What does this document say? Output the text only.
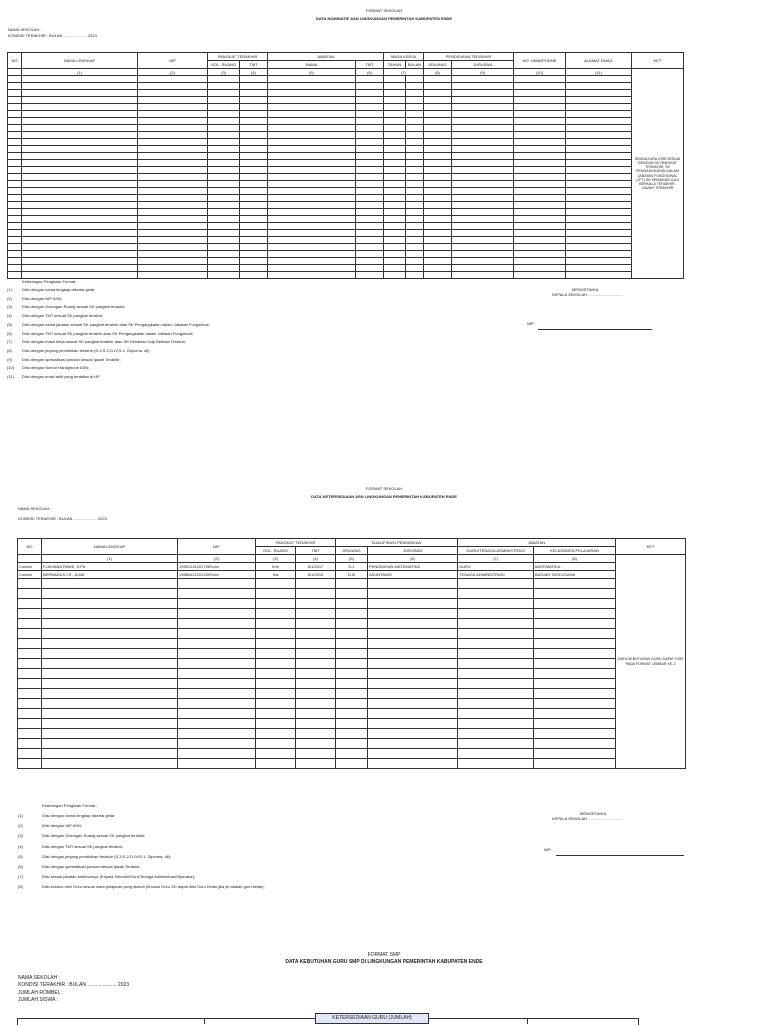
FORMAT SEKOLAH
DATA NOMINATIF ASN LINGKUNGAN PEMERINTAH KABUPATEN ENDE
NAMA SEKOLAH :
KONDISI TERAKHIR : BULAN ..................... 2023
NO	NAMA LENGKAP	NIP	PANGKAT TERAKHIR		JABATAN		MASA KERJA		PENDIDIKAN TERAKHIR		NO. HANDPHONE	ALAMAT EMAIL	KET
			GOL. RUANG	TMT	NAMA	TMT	TAHUN	BULAN	JENJANG	JURUSAN			
	(1)	(2)	(3)	(4)	(5)	(6)	(7)		(8)	(9)	(10)	(11)	SEMUA DATA DIISI SESUAI DENGAN SK PANGKAT TERAKHIR, SK PENGANGKATAN DALAM JABATAN FUNGSIONAL (JFT) SK KENAIKAN GAJI BERKALA TERAKHIR, IJAZAH TERAKHIR

Keterangan Pengisian Format :
(1)	Diisi dengan nama lengkap disertai gelar;
(2)	Diisi dengan NIP ASN;
(3)	Diisi dengan Golongan Ruang sesuai SK pangkat terakhir;
(4)	Diisi dengan TMT sesuai SK pangkat terakhir;
(5)	Diisi dengan nama jabatan sesuai SK pangkat terakhir atau SK Pengangkatan dalam Jabatan Fungsional;
(6)	Diisi dengan TMT sesuai SK pangkat terakhir atau SK Pengangkatan dalam Jabatan Fungsional;
(7)	Diisi dengan masa kerja sesuai SK pangkat terakhir atau SK Kenaikan Gaji Berkala Terakhir;
(8)	Diisi dengan jenjang pendidikan terakhir (S-3,S-2,D-IV,S-1, Diploma, dll);
(9)	Diisi dengan spesialisasi jurusan sesuai Ijazah Terakhir;
(10) Diisi dengan Nomor Handphone ASN;
(11) Diisi dengan email aktif yang terdaftar di HP
MENGETAHUI,
KEPALA SEKOLAH ...............................
NIP.
FORMAT SEKOLAH
DATA KETERSEDIAAN ASN LINGKUNGAN PEMERINTAH KABUPATEN ENDE
NAMA SEKOLAH :
KONDISI TERAKHIR : BULAN ..................... 2023
NO	NAMA LENGKAP	NIP	PANGKAT TERAKHIR		KUALIFIKASI PENDIDIKAN		JABATAN		KET
			GOL. RUANG	TMT	JENJANG	JURUSAN	GURU/TENAGA ADMINISTRASI	KELAS/MATA PELAJARAN	
	(1)	(2)	(3)	(4)	(5)	(6)	(7)	(8)	DATA KEBUTUHAN GURU DAPAT DIISI PADA FORMAT LEMBAR KE-2
Contoh	FLAVIANA PAWE, S.Pd	19901231201706Sxxx	III/b	8/1/2017	S-1	PENDIDIKAN MATEMATIKA	GURU	MATEMATIKA	
Contoh	BERNADUS I.R., A.MD	19880421201309Sxxx	II/a	8/1/2013	D-III	AKUNTANSI	TENAGA ADMINISTRASI	BAGIAN TATA USAHA	

Keterangan Pengisian Format :
(1)	Diisi dengan nama lengkap disertai gelar;
(2)	Diisi dengan NIP ASN;
(3)	Diisi dengan Golongan Ruang sesuai SK pangkat terakhir;
(4)	Diisi dengan TMT sesuai SK pangkat terakhir;
(5)	Diisi dengan jenjang pendidikan terakhir (S-3,S-2,D-IV/S-1, Diploma, dll);
(6)	Diisi dengan spesialisasi jurusan sesuai Ijazah Terakhir;
(7)	Diisi sesuai jabatan sebenarnya (Kepala Sekolah/Guru/Tenaga Administrasi/Operator);
(8)	Diisi khusus oleh Guru sesuai mata pelajaran yang diasuh (khusus Guru SD dapat diisi Guru Kelas jika yb adalah guru kelas);
MENGETAHUI,
KEPALA SEKOLAH ...............................
NIP.
FORMAT SMP
DATA KEBUTUHAN GURU SMP DI LINGKUNGAN PEMERINTAH KABUPATEN ENDE
NAMA SEKOLAH :
KONDISI TERAKHIR : BULAN ..................... 2023
JUMLAH ROMBEL :
JUMLAH SISWA :
KETERSEDIAAN GURU (JUMLAH)
